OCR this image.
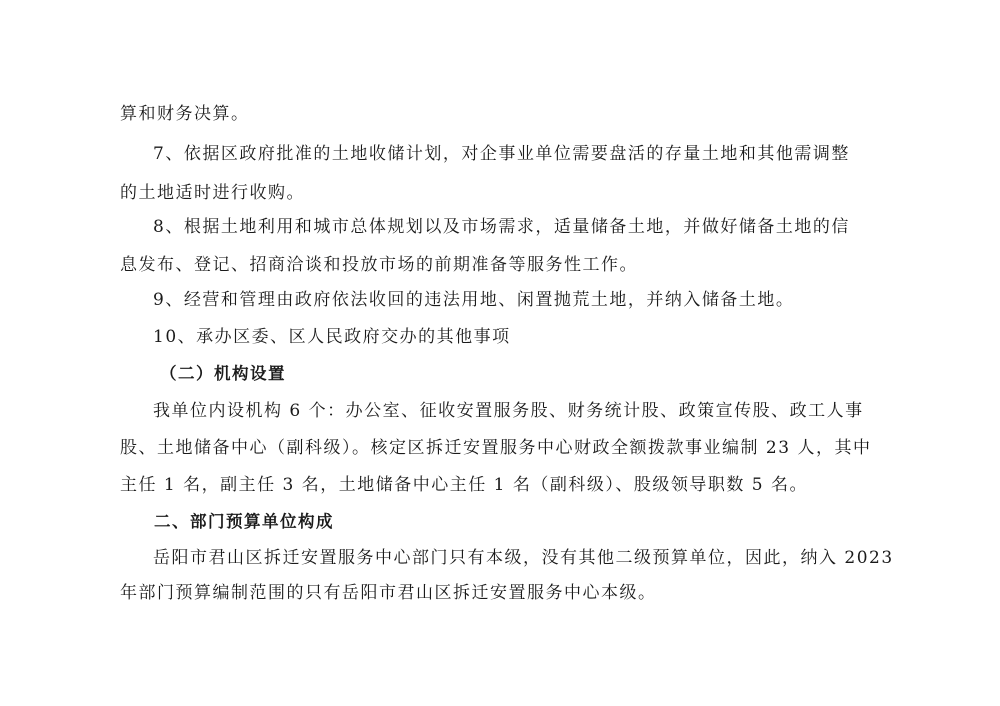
算和财务决算。
7、依据区政府批准的土地收储计划，对企事业单位需要盘活的存量土地和其他需调整
的土地适时进行收购。
8、根据土地利用和城市总体规划以及市场需求，适量储备土地，并做好储备土地的信
息发布、登记、招商洽谈和投放市场的前期准备等服务性工作。
9、经营和管理由政府依法收回的违法用地、闲置抛荒土地，并纳入储备土地。
10、承办区委、区人民政府交办的其他事项
（二）机构设置
我单位内设机构 6 个：办公室、征收安置服务股、财务统计股、政策宣传股、政工人事
股、土地储备中心（副科级）。核定区拆迁安置服务中心财政全额拨款事业编制 23 人，其中
主任 1 名，副主任 3 名，土地储备中心主任 1 名（副科级）、股级领导职数 5 名。
二、部门预算单位构成
岳阳市君山区拆迁安置服务中心部门只有本级，没有其他二级预算单位，因此，纳入 2023
年部门预算编制范围的只有岳阳市君山区拆迁安置服务中心本级。
